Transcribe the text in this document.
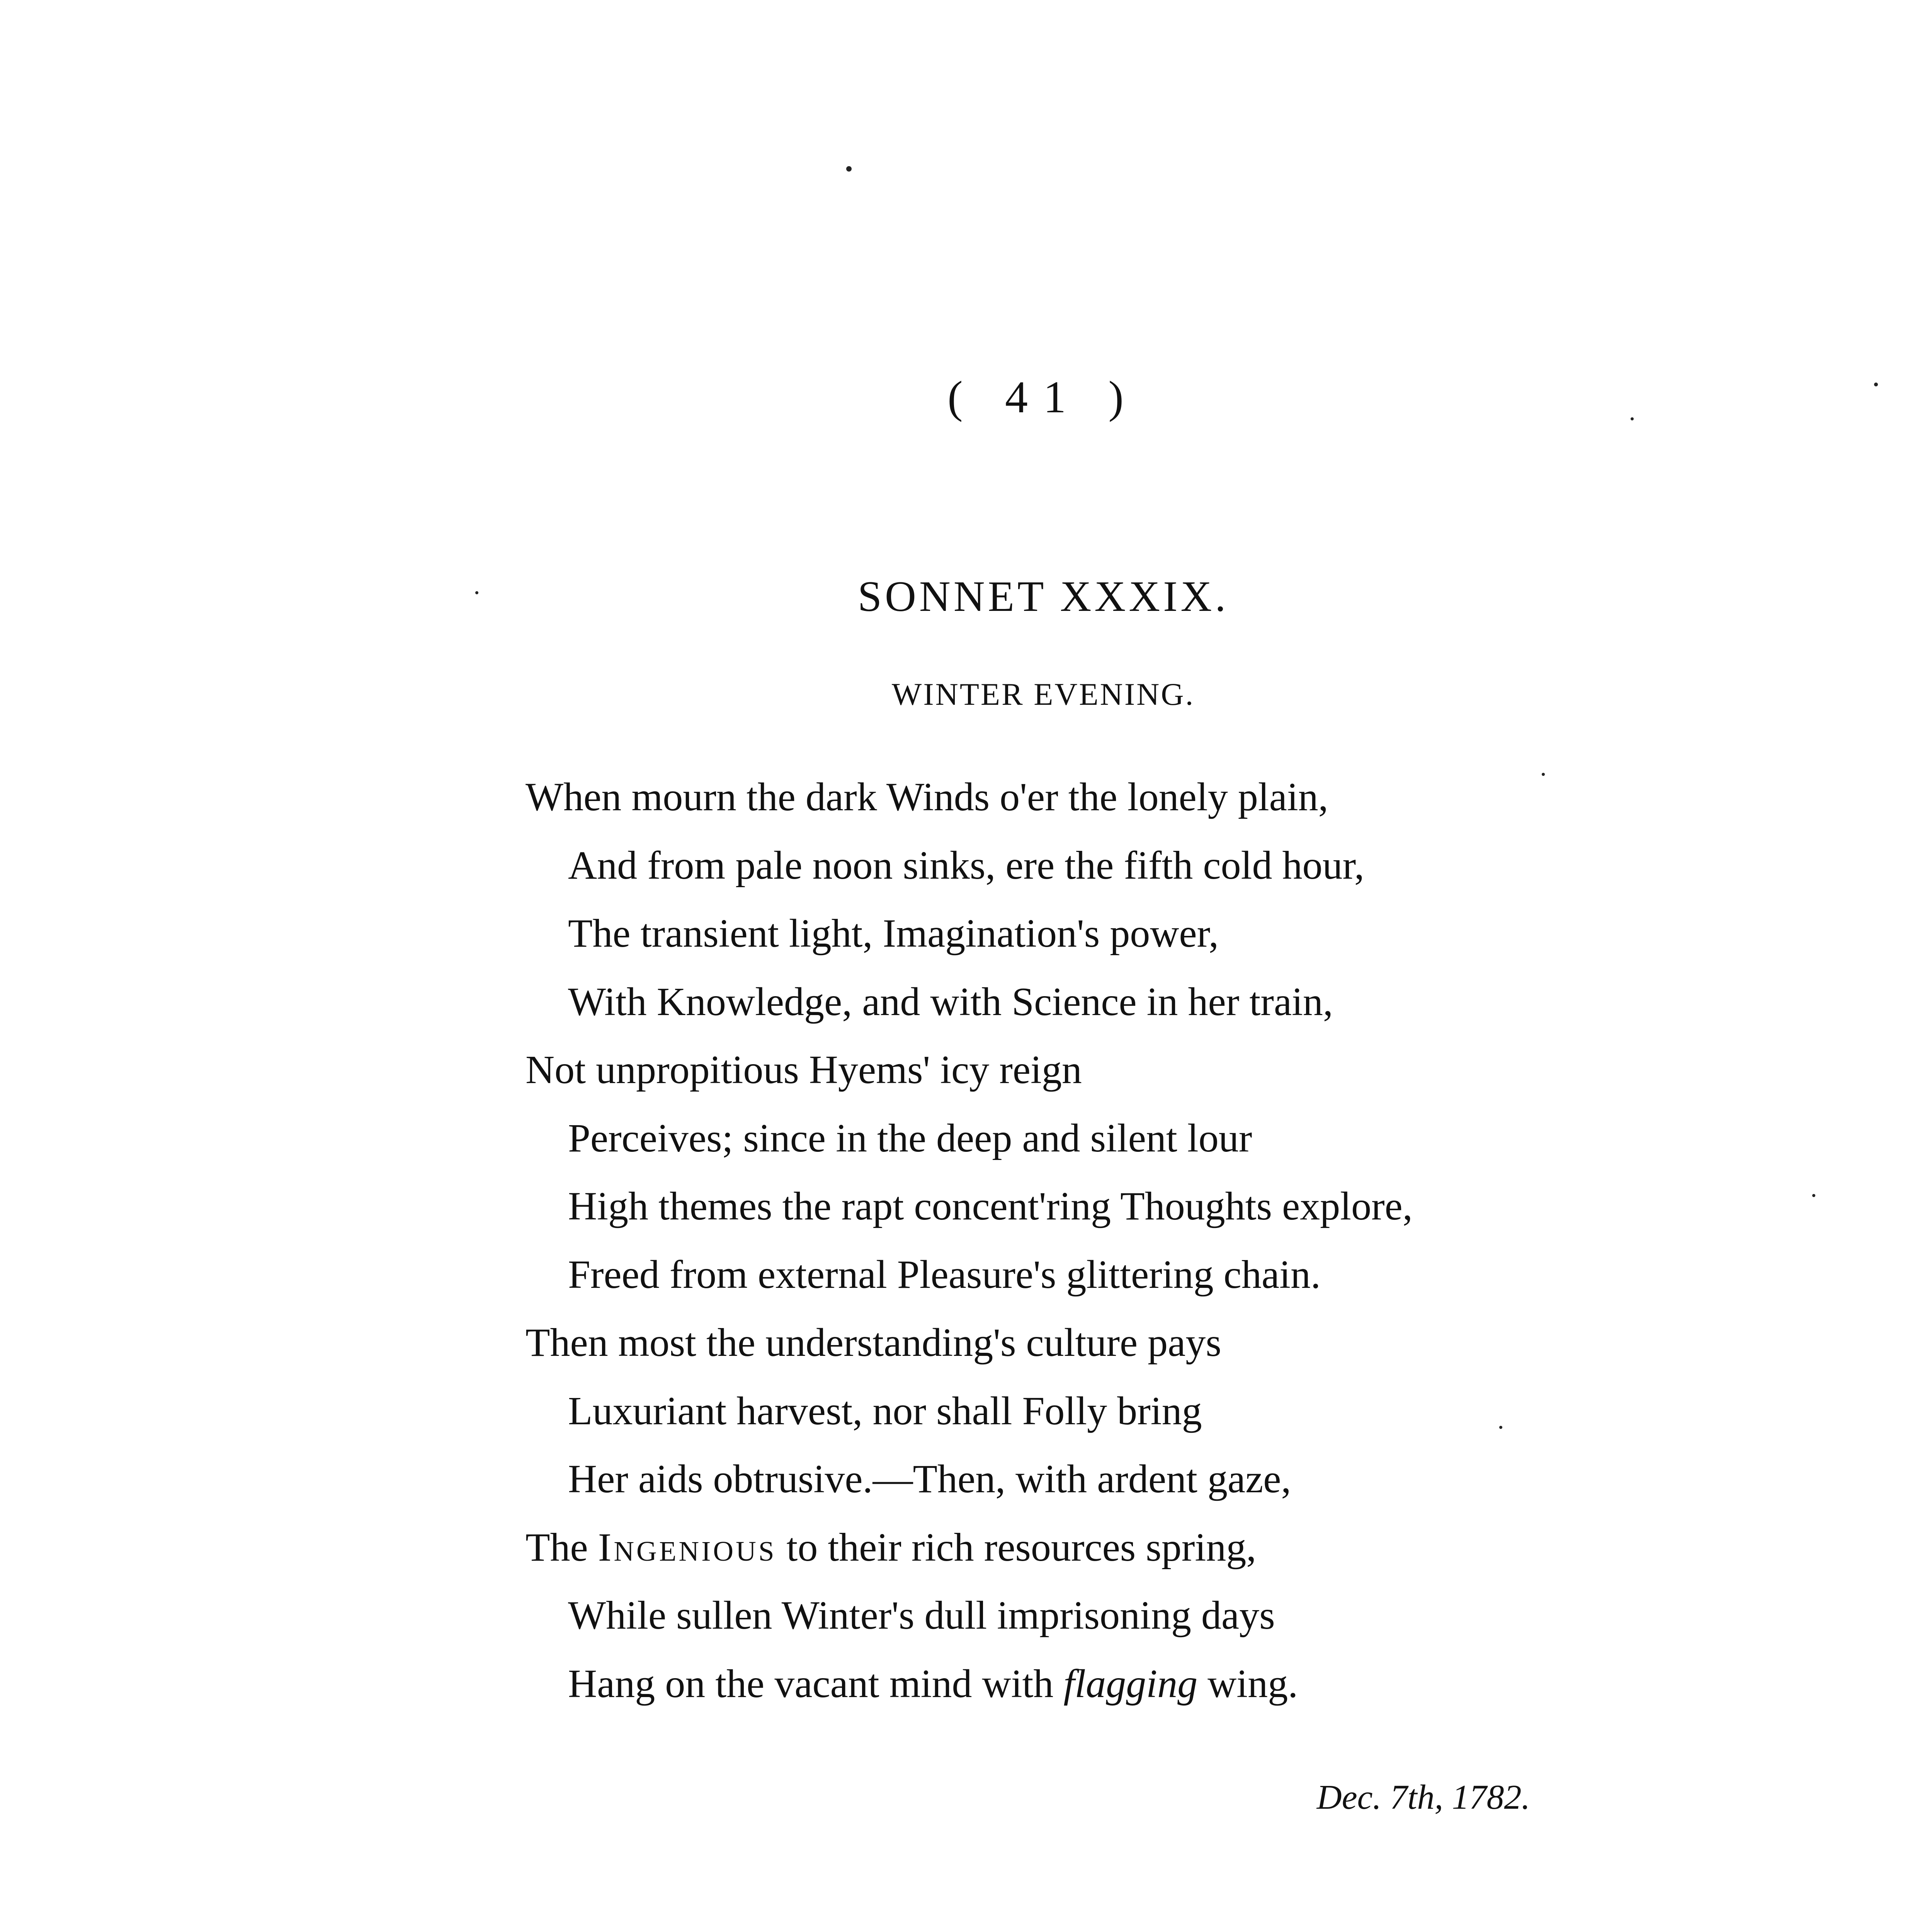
( 41 )
SONNET XXXIX.
WINTER EVENING.
When mourn the dark Winds o'er the lonely plain,
And from pale noon sinks, ere the fifth cold hour,
The transient light, Imagination's power,
With Knowledge, and with Science in her train,
Not unpropitious Hyems' icy reign
Perceives; since in the deep and silent lour
High themes the rapt concent'ring Thoughts explore,
Freed from external Pleasure's glittering chain.
Then most the understanding's culture pays
Luxuriant harvest, nor shall Folly bring
Her aids obtrusive.—Then, with ardent gaze,
The Ingenious to their rich resources spring,
While sullen Winter's dull imprisoning days
Hang on the vacant mind with flagging wing.
Dec. 7th, 1782.
